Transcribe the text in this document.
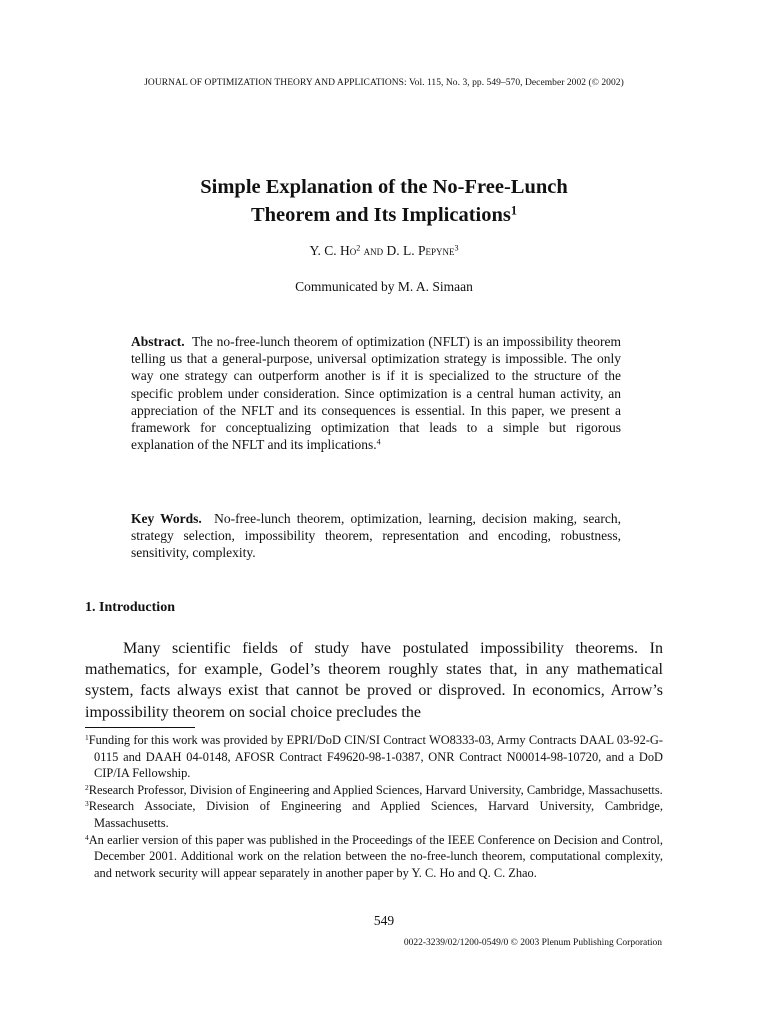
JOURNAL OF OPTIMIZATION THEORY AND APPLICATIONS: Vol. 115, No. 3, pp. 549–570, December 2002 (© 2002)
Simple Explanation of the No-Free-Lunch
Theorem and Its Implications$^1$
Y. C. Ho$^2$ and D. L. Pepyne$^3$
Communicated by M. A. Simaan
Abstract. The no-free-lunch theorem of optimization (NFLT) is an impossibility theorem telling us that a general-purpose, universal optimization strategy is impossible. The only way one strategy can outperform another is if it is specialized to the structure of the specific problem under consideration. Since optimization is a central human activity, an appreciation of the NFLT and its consequences is essential. In this paper, we present a framework for conceptualizing optimization that leads to a simple but rigorous explanation of the NFLT and its implications.$^4$
Key Words. No-free-lunch theorem, optimization, learning, decision making, search, strategy selection, impossibility theorem, representation and encoding, robustness, sensitivity, complexity.
1. Introduction
Many scientific fields of study have postulated impossibility theorems. In mathematics, for example, Godel’s theorem roughly states that, in any mathematical system, facts always exist that cannot be proved or disproved. In economics, Arrow’s impossibility theorem on social choice precludes the

$^1$Funding for this work was provided by EPRI/DoD CIN/SI Contract WO8333-03, Army Contracts DAAL 03-92-G-0115 and DAAH 04-0148, AFOSR Contract F49620-98-1-0387, ONR Contract N00014-98-10720, and a DoD CIP/IA Fellowship.

$^2$Research Professor, Division of Engineering and Applied Sciences, Harvard University, Cambridge, Massachusetts.

$^3$Research Associate, Division of Engineering and Applied Sciences, Harvard University, Cambridge, Massachusetts.

$^4$An earlier version of this paper was published in the Proceedings of the IEEE Conference on Decision and Control, December 2001. Additional work on the relation between the no-free-lunch theorem, computational complexity, and network security will appear separately in another paper by Y. C. Ho and Q. C. Zhao.

549
0022-3239/02/1200-0549/0 © 2003 Plenum Publishing Corporation
